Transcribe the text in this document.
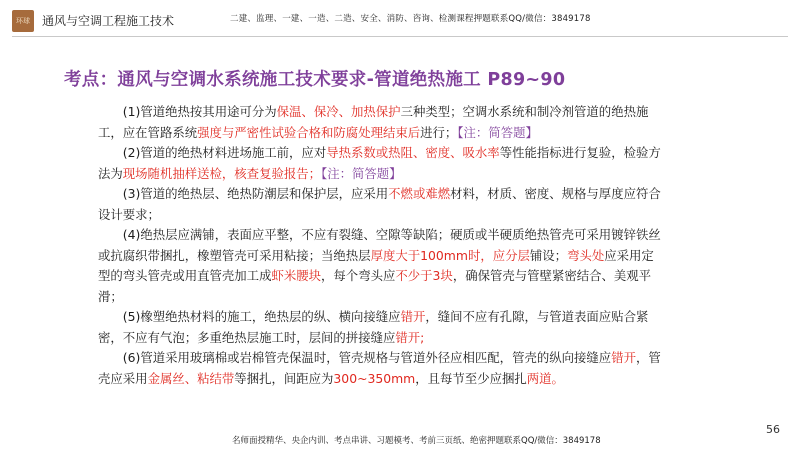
环球	通风与空调工程施工技术	二建、监理、一建、一造、二造、安全、消防、咨询、检测课程押题联系QQ/微信：3849178
考点：通风与空调水系统施工技术要求-管道绝热施工 P89~90

(1)管道绝热按其用途可分为保温、保冷、加热保护三种类型；空调水系统和制冷剂管道的绝热施工，应在管路系统强度与严密性试验合格和防腐处理结束后进行；【注：简答题】

(2)管道的绝热材料进场施工前，应对导热系数或热阻、密度、吸水率等性能指标进行复验，检验方法为现场随机抽样送检，核查复验报告；【注：简答题】

(3)管道的绝热层、绝热防潮层和保护层，应采用不燃或难燃材料，材质、密度、规格与厚度应符合设计要求；

(4)绝热层应满铺，表面应平整，不应有裂缝、空隙等缺陷；硬质或半硬质绝热管壳可采用镀锌铁丝或抗腐织带捆扎，橡塑管壳可采用粘接；当绝热层厚度大于100mm时，应分层铺设；弯头处应采用定型的弯头管壳或用直管壳加工成虾米腰块，每个弯头应不少于3块，确保管壳与管壁紧密结合、美观平滑；

(5)橡塑绝热材料的施工，绝热层的纵、横向接缝应错开，缝间不应有孔隙，与管道表面应贴合紧密，不应有气泡；多重绝热层施工时，层间的拼接缝应错开;

(6)管道采用玻璃棉或岩棉管壳保温时，管壳规格与管道外径应相匹配，管壳的纵向接缝应错开，管壳应采用金属丝、粘结带等捆扎，间距应为300~350mm，且每节至少应捆扎两道。

56
名师面授精华、央企内训、考点串讲、习题模考、考前三页纸、绝密押题联系QQ/微信：3849178
